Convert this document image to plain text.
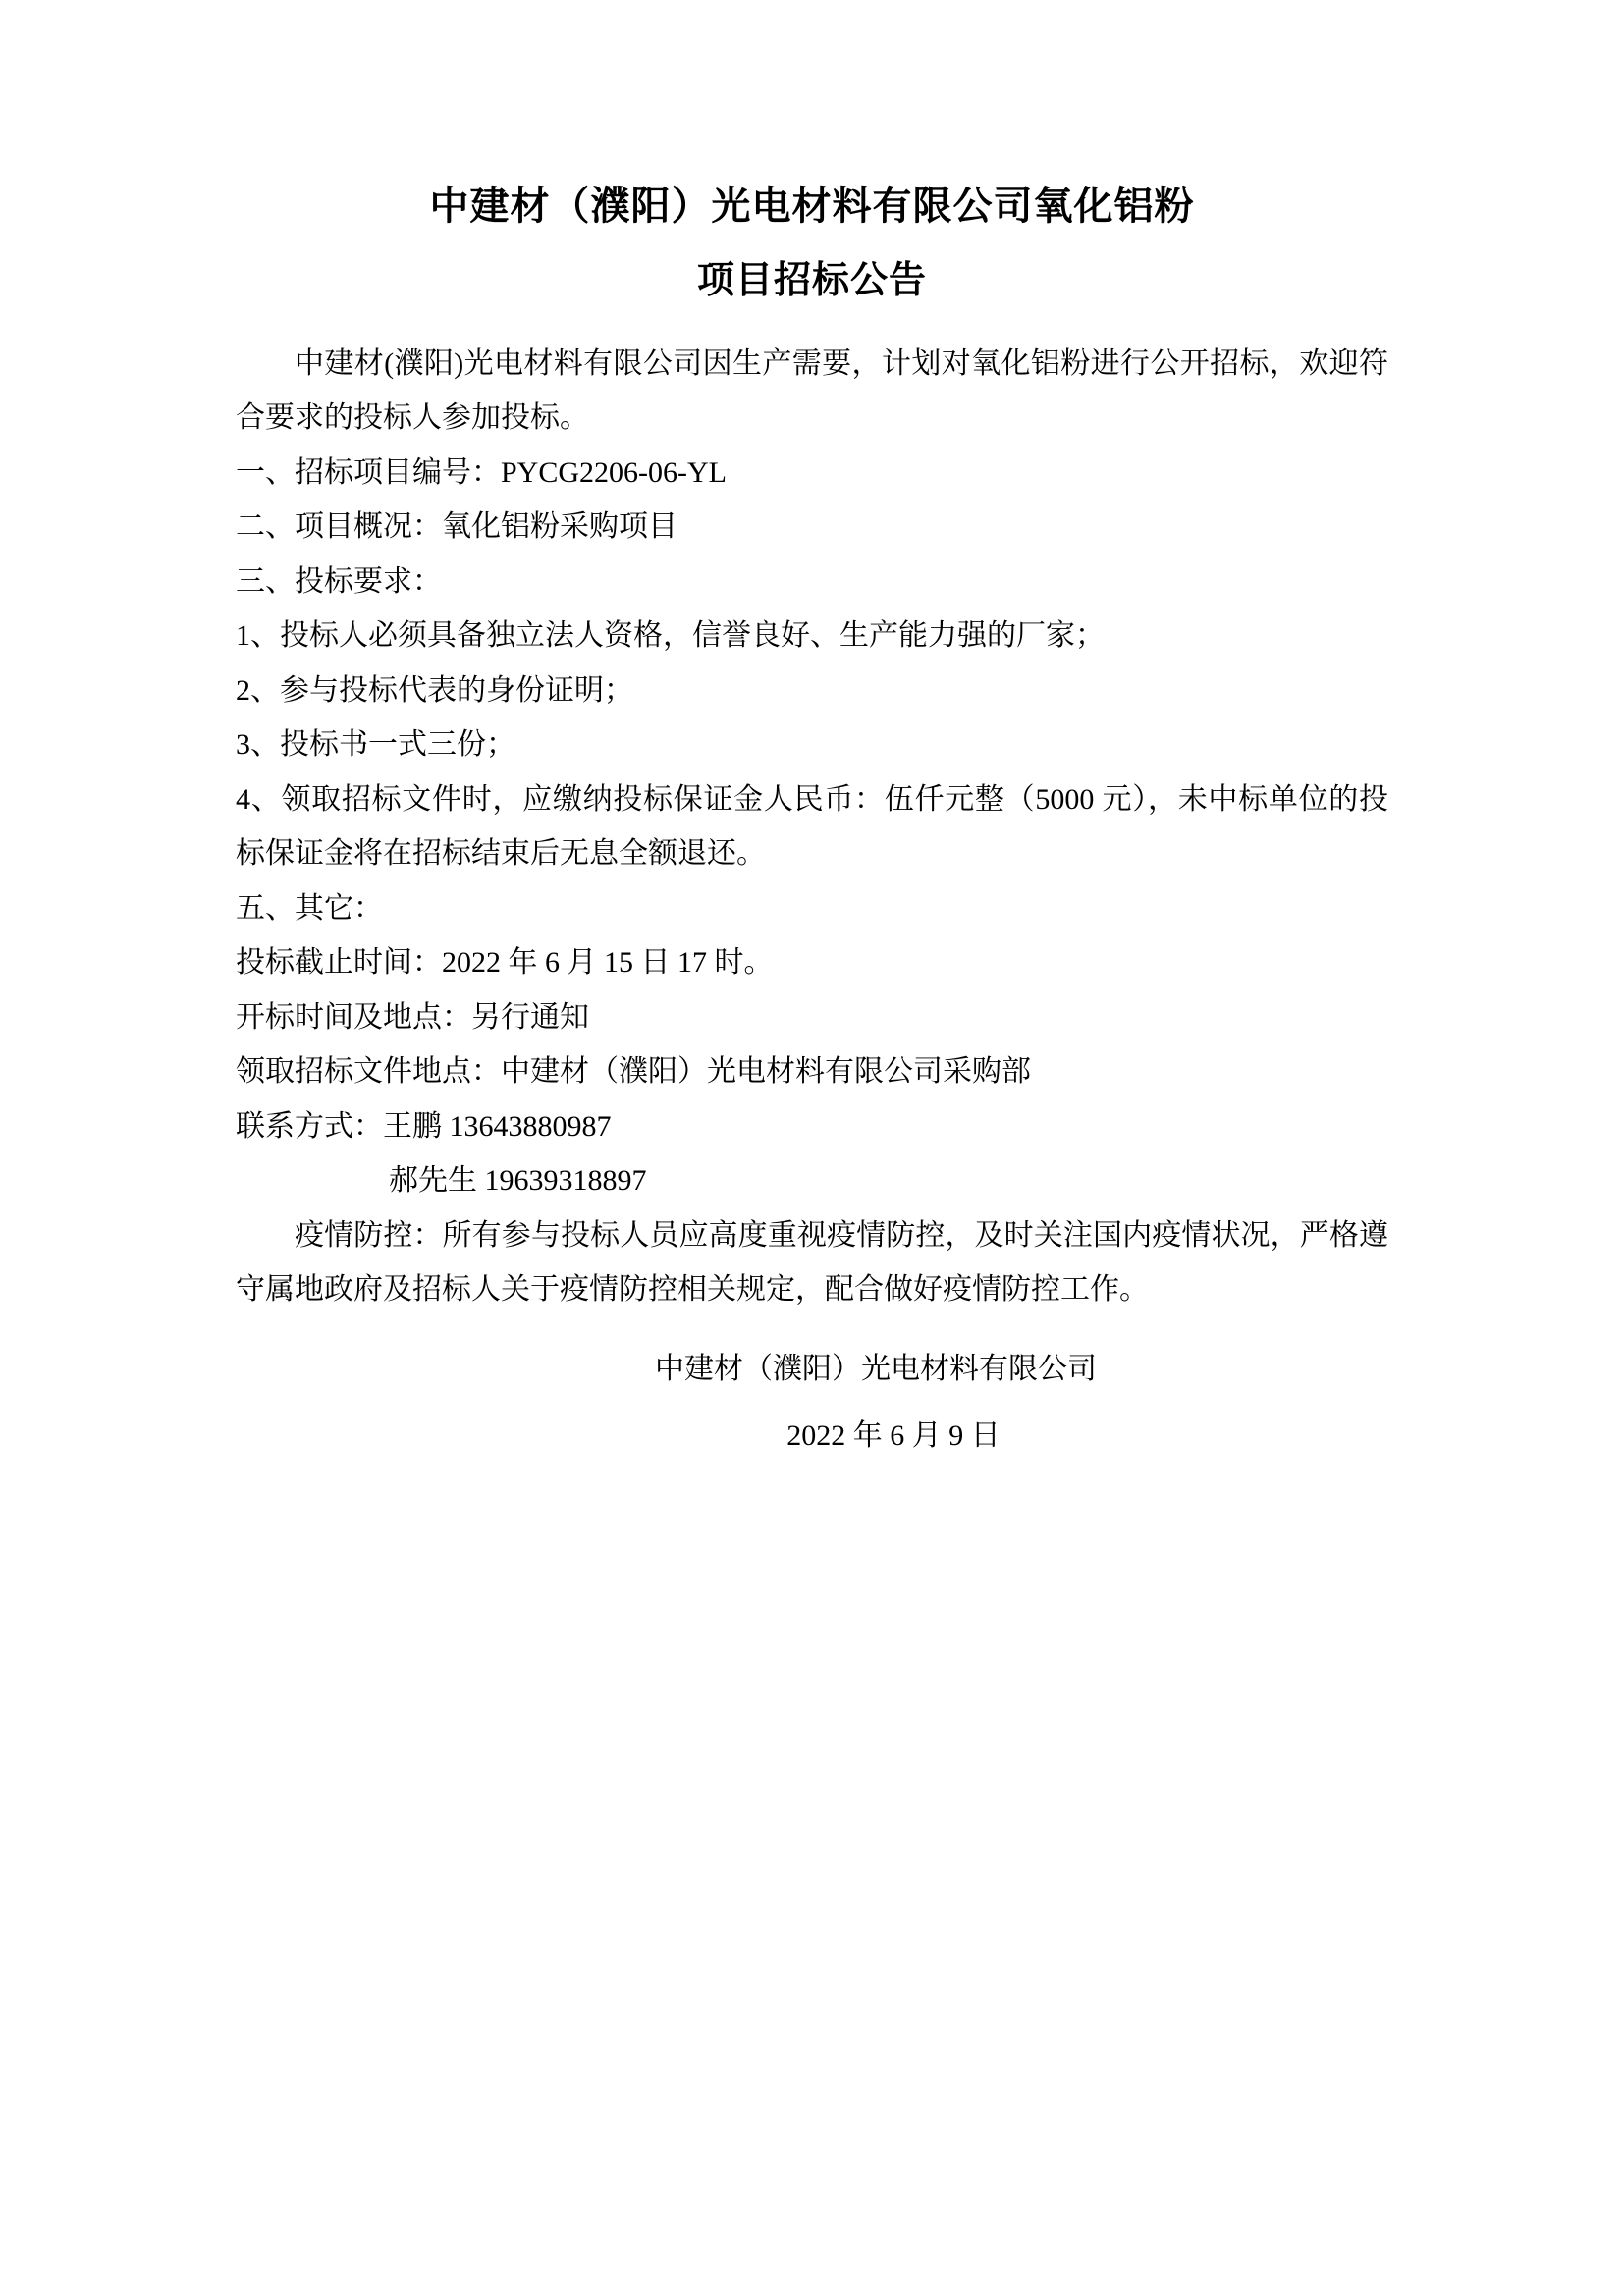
中建材（濮阳）光电材料有限公司氧化铝粉
项目招标公告

中建材(濮阳)光电材料有限公司因生产需要，计划对氧化铝粉进行公开招标，欢迎符合要求的投标人参加投标。

一、招标项目编号：PYCG2206-06-YL

二、项目概况：氧化铝粉采购项目

三、投标要求：

1、投标人必须具备独立法人资格，信誉良好、生产能力强的厂家；

2、参与投标代表的身份证明；

3、投标书一式三份；

4、领取招标文件时，应缴纳投标保证金人民币：伍仟元整（5000 元），未中标单位的投标保证金将在招标结束后无息全额退还。

五、其它：

投标截止时间：2022 年 6 月 15 日 17 时。

开标时间及地点：另行通知

领取招标文件地点：中建材（濮阳）光电材料有限公司采购部

联系方式：王鹏 13643880987

郝先生 19639318897

疫情防控：所有参与投标人员应高度重视疫情防控，及时关注国内疫情状况，严格遵守属地政府及招标人关于疫情防控相关规定，配合做好疫情防控工作。

中建材（濮阳）光电材料有限公司
2022 年 6 月 9 日
